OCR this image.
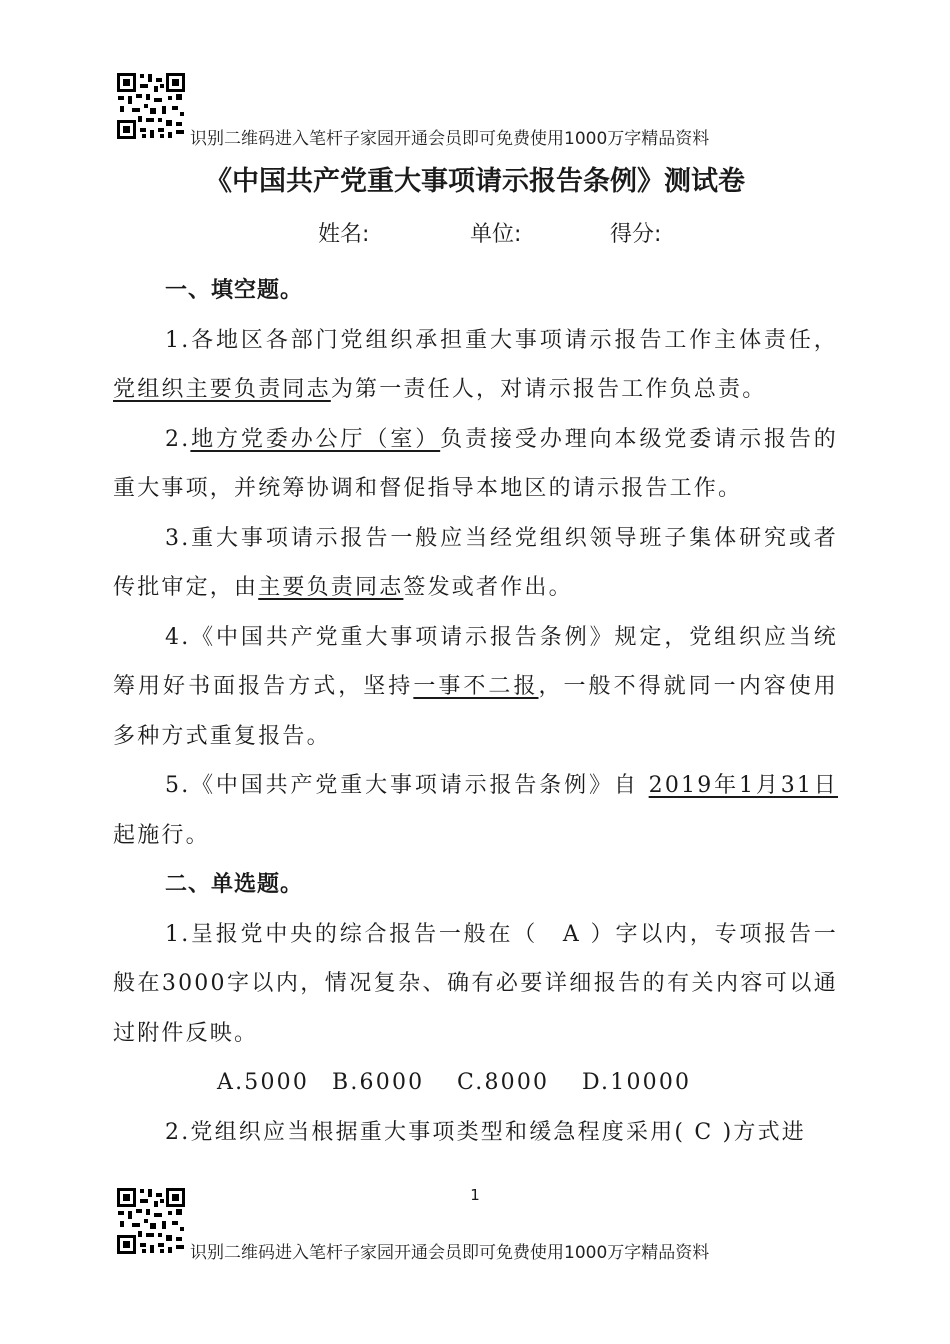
识别二维码进入笔杆子家园开通会员即可免费使用1000万字精品资料
《中国共产党重大事项请示报告条例》测试卷
姓名:	单位:	得分:

一、填空题。

1.各地区各部门党组织承担重大事项请示报告工作主体责任，党组织主要负责同志为第一责任人，对请示报告工作负总责。

2.地方党委办公厅（室）负责接受办理向本级党委请示报告的重大事项，并统筹协调和督促指导本地区的请示报告工作。

3.重大事项请示报告一般应当经党组织领导班子集体研究或者传批审定，由主要负责同志签发或者作出。

4.《中国共产党重大事项请示报告条例》规定，党组织应当统筹用好书面报告方式，坚持一事不二报，一般不得就同一内容使用多种方式重复报告。

5.《中国共产党重大事项请示报告条例》自 2019年1月31日起施行。

二、单选题。

1.呈报党中央的综合报告一般在（　A ）字以内，专项报告一般在3000字以内，情况复杂、确有必要详细报告的有关内容可以通过附件反映。

A.5000 B.6000 C.8000 D.10000

2.党组织应当根据重大事项类型和缓急程度采用( C )方式进

1
识别二维码进入笔杆子家园开通会员即可免费使用1000万字精品资料
